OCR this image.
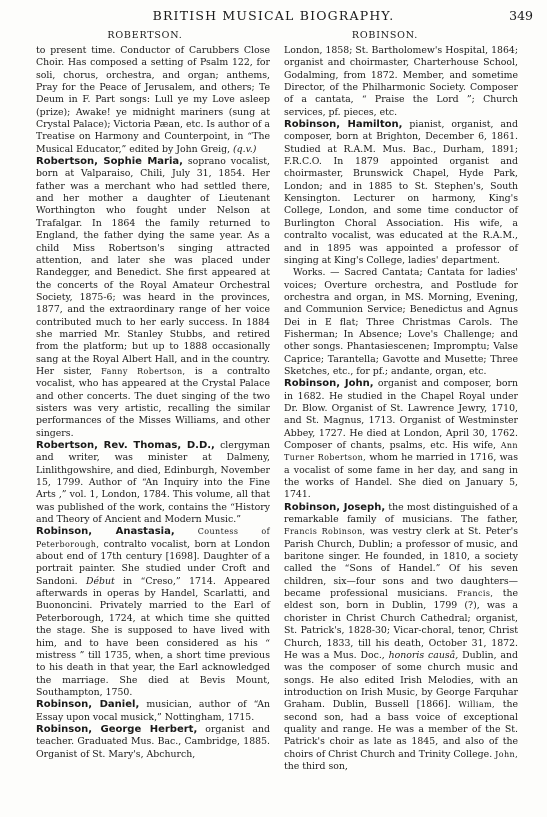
BRITISH MUSICAL BIOGRAPHY.	349
ROBERTSON.	ROBINSON.

to present time. Conductor of Carubbers Close Choir. Has composed a setting of Psalm 122, for soli, chorus, orchestra, and organ; anthems, Pray for the Peace of Jerusalem, and others; Te Deum in F. Part songs: Lull ye my Love asleep (prize); Awake! ye midnight mariners (sung at Crystal Palace); Victoria Pæan, etc. Is author of a Treatise on Harmony and Counterpoint, in “The Musical Educator,” edited by John Greig, (q.v.)

Robertson, Sophie Maria, soprano vocalist, born at Valparaiso, Chili, July 31, 1854. Her father was a merchant who had settled there, and her mother a daughter of Lieutenant Worthington who fought under Nelson at Trafalgar. In 1864 the family returned to England, the father dying the same year. As a child Miss Robertson's singing attracted attention, and later she was placed under Randegger, and Benedict. She first appeared at the concerts of the Royal Amateur Orchestral Society, 1875-6; was heard in the provinces, 1877, and the extraordinary range of her voice contributed much to her early success. In 1884 she married Mr. Stanley Stubbs, and retired from the platform; but up to 1888 occasionally sang at the Royal Albert Hall, and in the country. Her sister, Fanny Robertson, is a contralto vocalist, who has appeared at the Crystal Palace and other concerts. The duet singing of the two sisters was very artistic, recalling the similar performances of the Misses Williams, and other singers.

Robertson, Rev. Thomas, D.D., clergyman and writer, was minister at Dalmeny, Linlithgowshire, and died, Edinburgh, November 15, 1799. Author of “An Inquiry into the Fine Arts ,” vol. 1, London, 1784. This volume, all that was published of the work, contains the “History and Theory of Ancient and Modern Music.”

Robinson, Anastasia,	Countess of Peterborough, contralto vocalist, born at London about end of 17th century [1698]. Daughter of a portrait painter. She studied under Croft and Sandoni. Début in “Creso,” 1714. Appeared afterwards in operas by Handel, Scarlatti, and Buononcini. Privately married to the Earl of Peterborough, 1724, at which time she quitted the stage. She is supposed to have lived with him, and to have been considered as his “ mistress ” till 1735, when, a short time previous to his death in that year, the Earl acknowledged the marriage. She died at Bevis Mount, Southampton, 1750.

Robinson, Daniel, musician, author of “An Essay upon vocal musick,” Nottingham, 1715.

Robinson, George Herbert, organist and teacher. Graduated Mus. Bac., Cambridge, 1885. Organist of St. Mary's, Abchurch,

London, 1858; St. Bartholomew's Hospital, 1864; organist and choirmaster, Charterhouse School, Godalming, from 1872. Member, and sometime Director, of the Philharmonic Society. Composer of a cantata, “ Praise the Lord ”; Church services, pf. pieces, etc.

Robinson, Hamilton, pianist, organist, and composer, born at Brighton, December 6, 1861. Studied at R.A.M. Mus. Bac., Durham, 1891; F.R.C.O. In 1879 appointed organist and choirmaster, Brunswick Chapel, Hyde Park, London; and in 1885 to St. Stephen's, South Kensington. Lecturer on harmony, King's College, London, and some time conductor of Burlington Choral Association. His wife, a contralto vocalist, was educated at the R.A.M., and in 1895 was appointed a professor of singing at King's College, ladies' department.

Works. — Sacred Cantata; Cantata for ladies' voices; Overture orchestra, and Postlude for orchestra and organ, in MS. Morning, Evening, and Communion Service; Benedictus and Agnus Dei in E flat; Three Christmas Carols. The Fisherman; In Absence; Love's Challenge; and other songs. Phantasiescenen; Impromptu; Valse Caprice; Tarantella; Gavotte and Musette; Three Sketches, etc., for pf.; andante, organ, etc.

Robinson, John, organist and composer, born in 1682. He studied in the Chapel Royal under Dr. Blow. Organist of St. Lawrence Jewry, 1710, and St. Magnus, 1713. Organist of Westminster Abbey, 1727. He died at London, April 30, 1762. Composer of chants, psalms, etc. His wife, Ann Turner Robertson, whom he married in 1716, was a vocalist of some fame in her day, and sang in the works of Handel. She died on January 5, 1741.

Robinson, Joseph, the most distinguished of a remarkable family of musicians. The father, Francis Robinson, was vestry clerk at St. Peter's Parish Church, Dublin; a professor of music, and baritone singer. He founded, in 1810, a society called the “Sons of Handel.” Of his seven children, six—four sons and two daughters—became professional musicians. Francis, the eldest son, born in Dublin, 1799 (?), was a chorister in Christ Church Cathedral; organist, St. Patrick's, 1828-30; Vicar-choral, tenor, Christ Church, 1833, till his death, October 31, 1872. He was a Mus. Doc., honoris causâ, Dublin, and was the composer of some church music and songs. He also edited Irish Melodies, with an introduction on Irish Music, by George Farquhar Graham. Dublin, Bussell [1866]. William, the second son, had a bass voice of exceptional quality and range. He was a member of the St. Patrick's choir as late as 1845, and also of the choirs of Christ Church and Trinity College. John, the third son,
